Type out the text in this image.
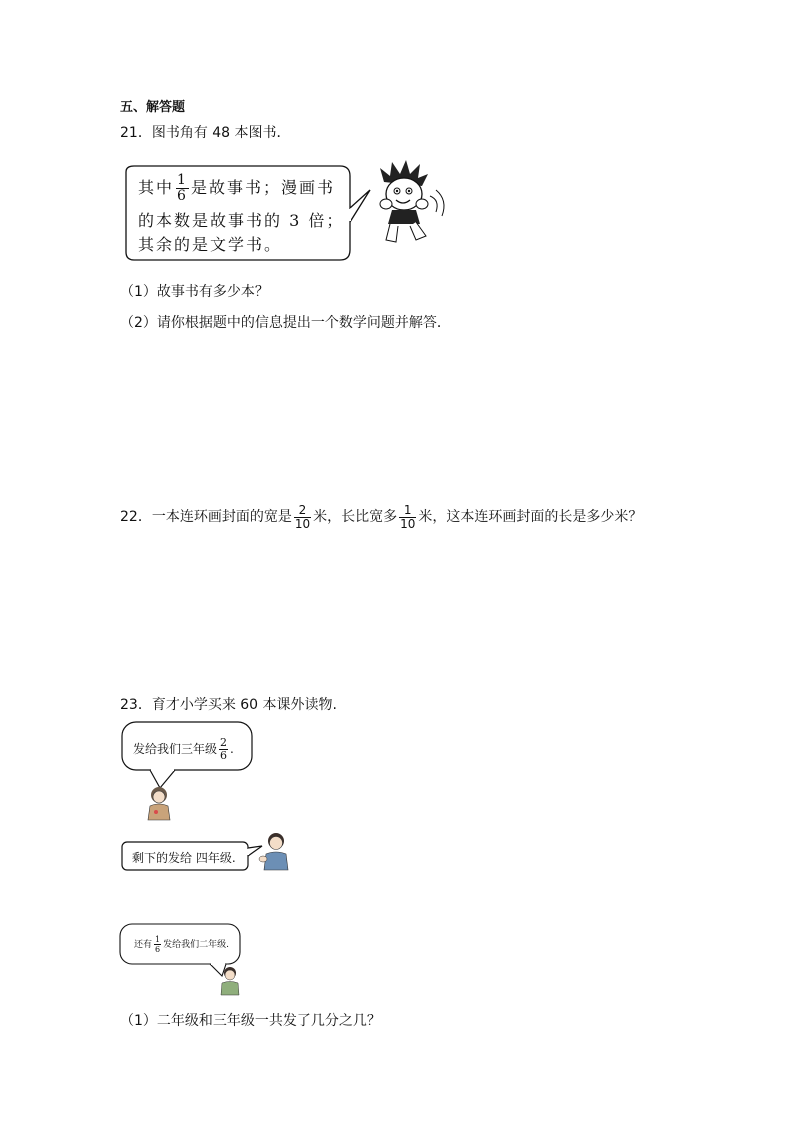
五、解答题
21．图书角有 48 本图书．
其中 $\frac{1}{6}$ 是故事书；漫画书
的本数是故事书的 3 倍；
其余的是文学书。
（1）故事书有多少本？
（2）请你根据题中的信息提出一个数学问题并解答．
22．一本连环画封面的宽是 $\frac{2}{10}$ 米，长比宽多 $\frac{1}{10}$ 米，这本连环画封面的长是多少米？
23．育才小学买来 60 本课外读物.
发给我们三年级 $\frac{2}{6}$ .
剩下的发给 四年级.
还有 $\frac{1}{6}$ 发给我们二年级.
（1）二年级和三年级一共发了几分之几？
